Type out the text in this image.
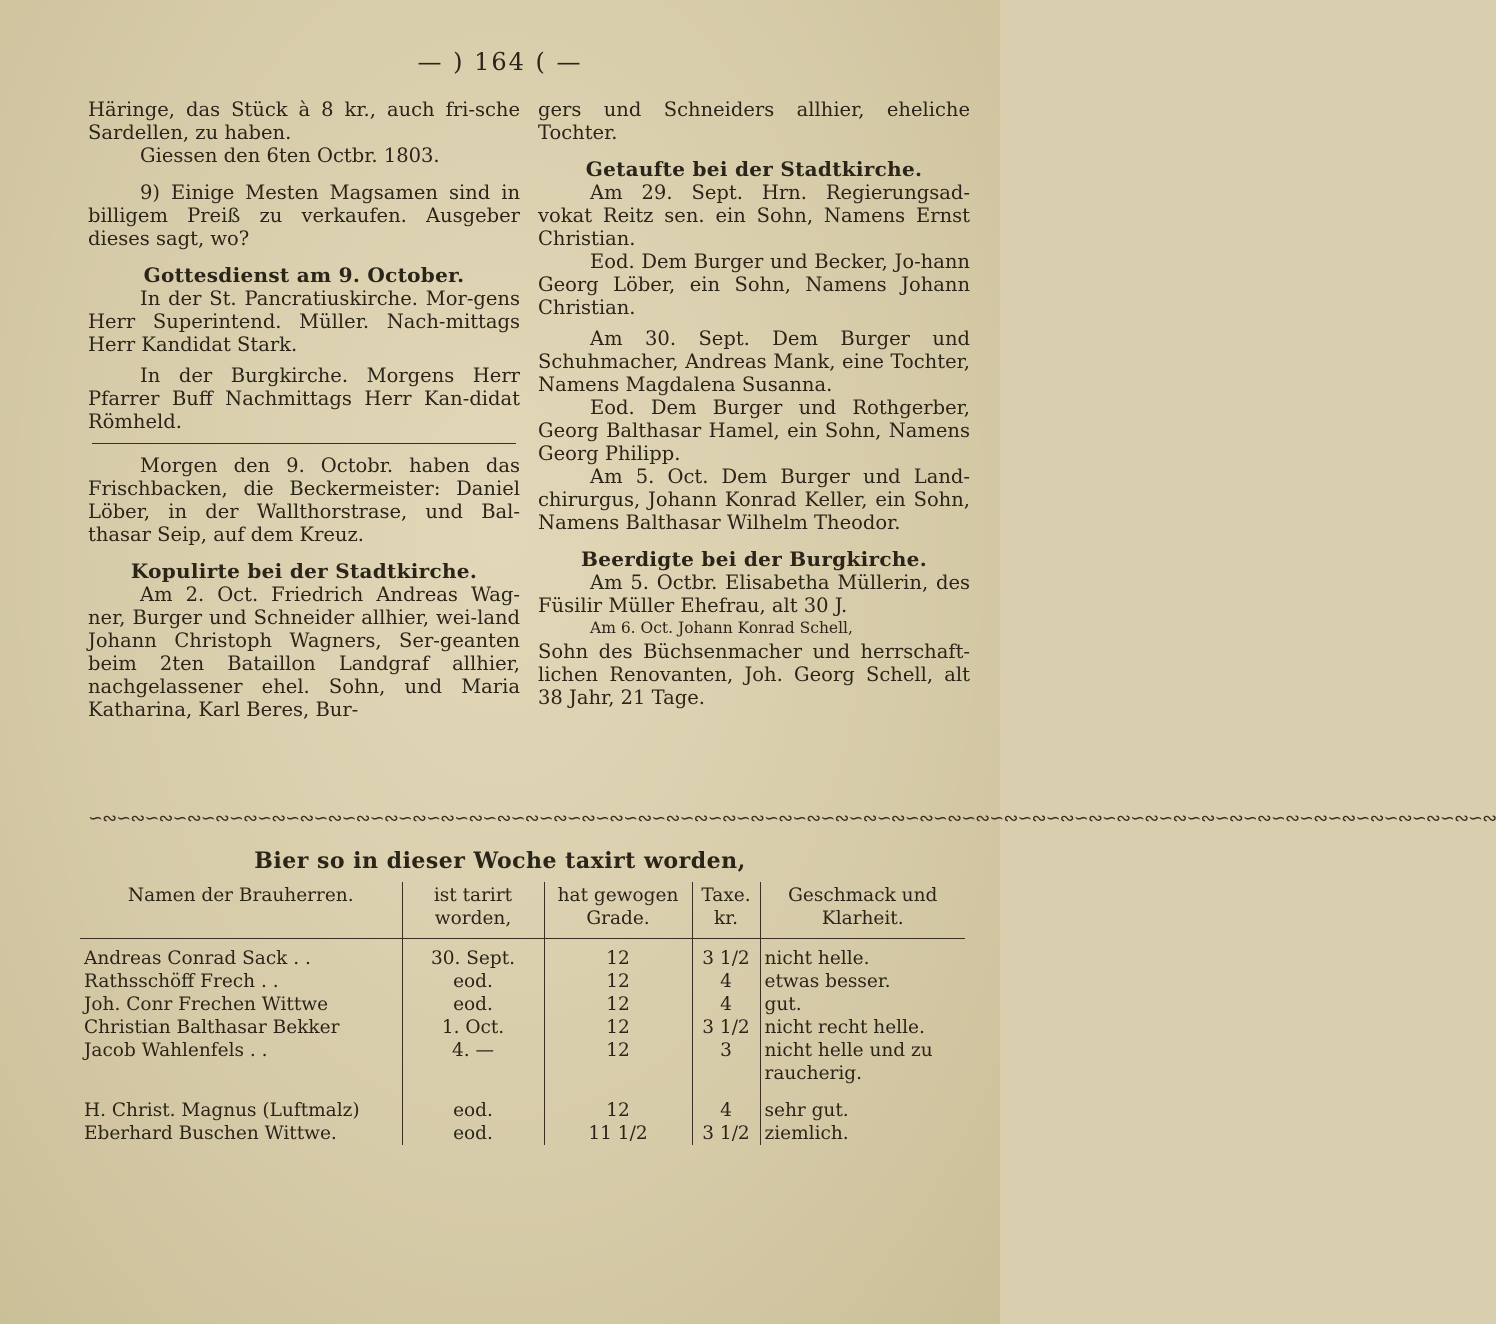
— ) 164 ( —

Häringe, das Stück à 8 kr., auch fri-sche Sardellen, zu haben.

Giessen den 6ten Octbr. 1803.

9) Einige Mesten Magsamen sind in billigem Preiß zu verkaufen. Ausgeber dieses sagt, wo?

Gottesdienst am 9. October.

In der St. Pancratiuskirche. Mor-gens Herr Superintend. Müller. Nach-mittags Herr Kandidat Stark.

In der Burgkirche. Morgens Herr Pfarrer Buff Nachmittags Herr Kan-didat Römheld.

Morgen den 9. Octobr. haben das Frischbacken, die Beckermeister: Daniel Löber, in der Wallthorstrase, und Bal-thasar Seip, auf dem Kreuz.

Kopulirte bei der Stadtkirche.

Am 2. Oct. Friedrich Andreas Wag-ner, Burger und Schneider allhier, wei-land Johann Christoph Wagners, Ser-geanten beim 2ten Bataillon Landgraf allhier, nachgelassener ehel. Sohn, und Maria Katharina, Karl Beres, Bur-

gers und Schneiders allhier, eheliche Tochter.

Getaufte bei der Stadtkirche.

Am 29. Sept. Hrn. Regierungsad-vokat Reitz sen. ein Sohn, Namens Ernst Christian.

Eod. Dem Burger und Becker, Jo-hann Georg Löber, ein Sohn, Namens Johann Christian.

Am 30. Sept. Dem Burger und Schuhmacher, Andreas Mank, eine Tochter, Namens Magdalena Susanna.

Eod. Dem Burger und Rothgerber, Georg Balthasar Hamel, ein Sohn, Namens Georg Philipp.

Am 5. Oct. Dem Burger und Land-chirurgus, Johann Konrad Keller, ein Sohn, Namens Balthasar Wilhelm Theodor.

Beerdigte bei der Burgkirche.

Am 5. Octbr. Elisabetha Müllerin, des Füsilir Müller Ehefrau, alt 30 J.

Am 6. Oct. Johann Konrad Schell,

Sohn des Büchsenmacher und herrschaft-lichen Renovanten, Joh. Georg Schell, alt 38 Jahr, 21 Tage.

∽∾∽∾∽∾∽∾∽∾∽∾∽∾∽∾∽∾∽∾∽∾∽∾∽∾∽∾∽∾∽∾∽∾∽∾∽∾∽∾∽∾∽∾∽∾∽∾∽∾∽∾∽∾∽∾∽∾∽∾∽∾∽∾∽∾∽∾∽∾∽∾∽∾∽∾∽∾∽∾∽∾∽∾∽∾∽∾∽∾∽∾∽∾∽∾∽∾∽∾
Bier so in dieser Woche taxirt worden,
Namen der Brauherren.	ist tarirt worden,	hat gewogen Grade.	Taxe. kr.	Geschmack und Klarheit.
Andreas Conrad Sack . .	30. Sept.	12	3 1/2	nicht helle.
Rathsschöff Frech . .	eod.	12	4	etwas besser.
Joh. Conr Frechen Wittwe	eod.	12	4	gut.
Christian Balthasar Bekker	1. Oct.	12	3 1/2	nicht recht helle.
Jacob Wahlenfels . .	4. —	12	3	nicht helle und zu raucherig.
H. Christ. Magnus (Luftmalz)	eod.	12	4	sehr gut.
Eberhard Buschen Wittwe.	eod.	11 1/2	3 1/2	ziemlich.
